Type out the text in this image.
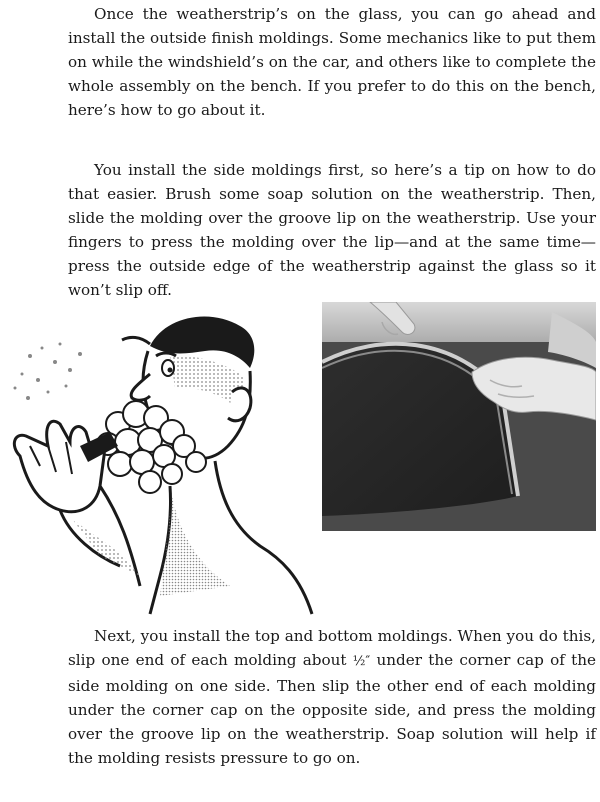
Once the weatherstrip’s on the glass, you can go ahead and install the outside finish moldings. Some mechanics like to put them on while the windshield’s on the car, and others like to complete the whole assembly on the bench. If you prefer to do this on the bench, here’s how to go about it.

You install the side moldings first, so here’s a tip on how to do that easier. Brush some soap solution on the weatherstrip. Then, slide the molding over the groove lip on the weatherstrip. Use your fingers to press the molding over the lip—and at the same time—press the outside edge of the weatherstrip against the glass so it won’t slip off.

Next, you install the top and bottom moldings. When you do this, slip one end of each molding about ½″ under the corner cap of the side molding on one side. Then slip the other end of each molding under the corner cap on the opposite side, and press the molding over the groove lip on the weatherstrip. Soap solution will help if the molding resists pressure to go on.
